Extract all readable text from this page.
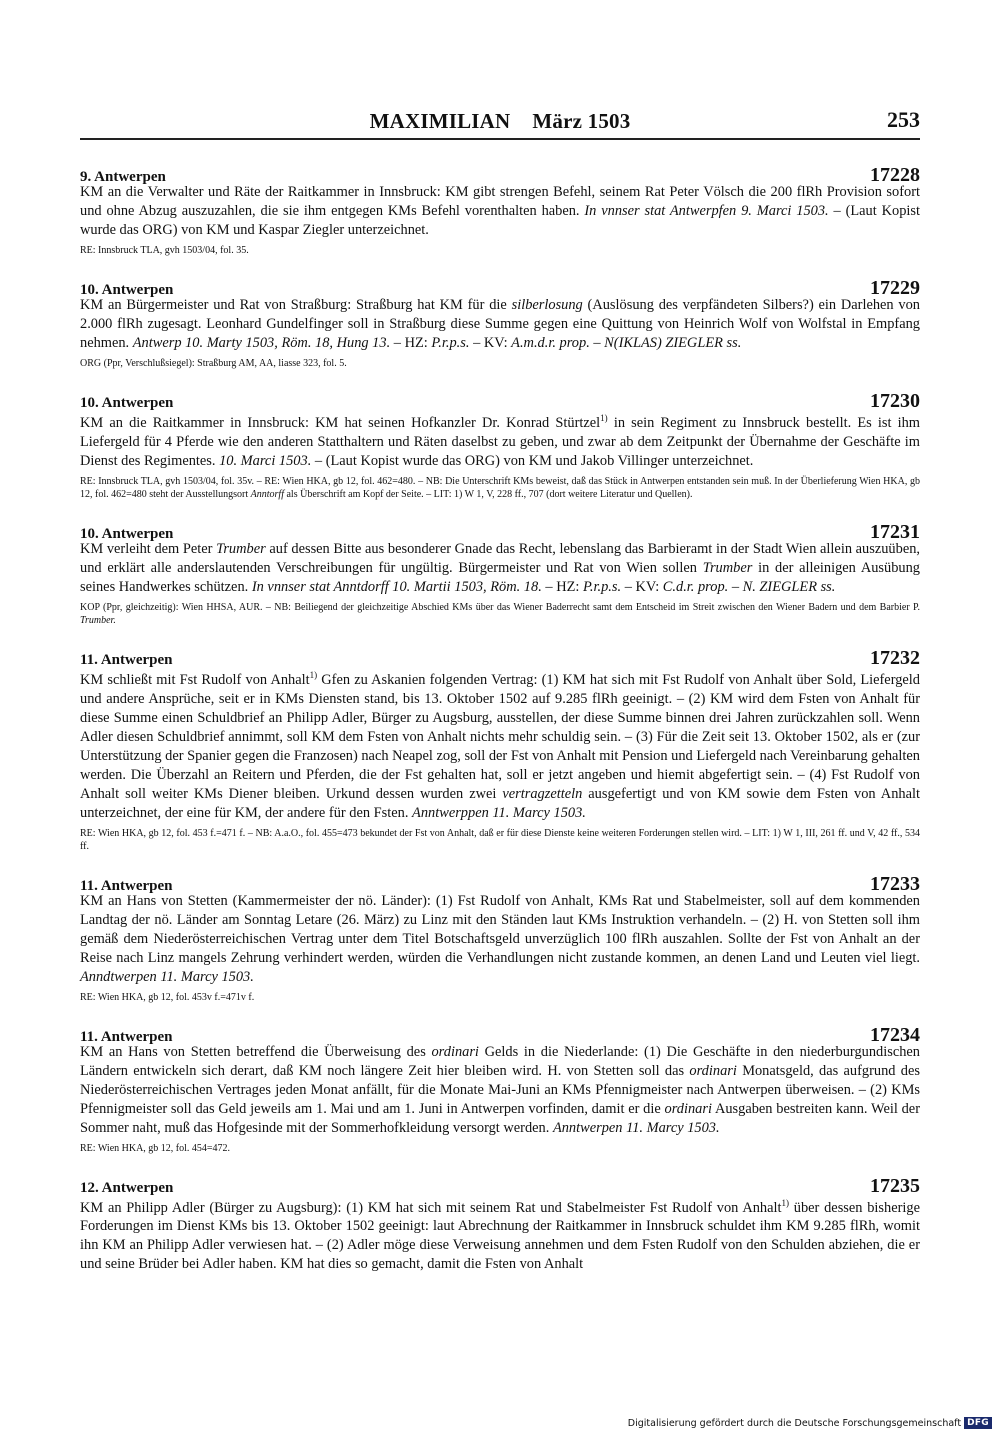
MAXIMILIAN März 1503	253
9. Antwerpen	17228

KM an die Verwalter und Räte der Raitkammer in Innsbruck: KM gibt strengen Befehl, seinem Rat Peter Völsch die 200 flRh Provision sofort und ohne Abzug auszuzahlen, die sie ihm entgegen KMs Befehl vorenthalten haben. In vnnser stat Antwerpfen 9. Marci 1503. – (Laut Kopist wurde das ORG) von KM und Kaspar Ziegler unterzeichnet.

RE: Innsbruck TLA, gvh 1503/04, fol. 35.

10. Antwerpen	17229

KM an Bürgermeister und Rat von Straßburg: Straßburg hat KM für die silberlosung (Auslösung des verpfändeten Silbers?) ein Darlehen von 2.000 flRh zugesagt. Leonhard Gundelfinger soll in Straßburg diese Summe gegen eine Quittung von Heinrich Wolf von Wolfstal in Empfang nehmen. Antwerp 10. Marty 1503, Röm. 18, Hung 13. – HZ: P.r.p.s. – KV: A.m.d.r. prop. – N(IKLAS) ZIEGLER ss.

ORG (Ppr, Verschlußsiegel): Straßburg AM, AA, liasse 323, fol. 5.

10. Antwerpen	17230

KM an die Raitkammer in Innsbruck: KM hat seinen Hofkanzler Dr. Konrad Stürtzel$^{1)}$ in sein Regiment zu Innsbruck bestellt. Es ist ihm Liefergeld für 4 Pferde wie den anderen Statthaltern und Räten daselbst zu geben, und zwar ab dem Zeitpunkt der Übernahme der Geschäfte im Dienst des Regimentes. 10. Marci 1503. – (Laut Kopist wurde das ORG) von KM und Jakob Villinger unterzeichnet.

RE: Innsbruck TLA, gvh 1503/04, fol. 35v. – RE: Wien HKA, gb 12, fol. 462=480. – NB: Die Unterschrift KMs beweist, daß das Stück in Antwerpen entstanden sein muß. In der Überlieferung Wien HKA, gb 12, fol. 462=480 steht der Ausstellungsort Anntorff als Überschrift am Kopf der Seite. – LIT: 1) W 1, V, 228 ff., 707 (dort weitere Literatur und Quellen).

10. Antwerpen	17231

KM verleiht dem Peter Trumber auf dessen Bitte aus besonderer Gnade das Recht, lebenslang das Barbieramt in der Stadt Wien allein auszuüben, und erklärt alle anderslautenden Verschreibungen für ungültig. Bürgermeister und Rat von Wien sollen Trumber in der alleinigen Ausübung seines Handwerkes schützen. In vnnser stat Anntdorff 10. Martii 1503, Röm. 18. – HZ: P.r.p.s. – KV: C.d.r. prop. – N. ZIEGLER ss.

KOP (Ppr, gleichzeitig): Wien HHSA, AUR. – NB: Beiliegend der gleichzeitige Abschied KMs über das Wiener Baderrecht samt dem Entscheid im Streit zwischen den Wiener Badern und dem Barbier P. Trumber.

11. Antwerpen	17232

KM schließt mit Fst Rudolf von Anhalt$^{1)}$ Gfen zu Askanien folgenden Vertrag: (1) KM hat sich mit Fst Rudolf von Anhalt über Sold, Liefergeld und andere Ansprüche, seit er in KMs Diensten stand, bis 13. Oktober 1502 auf 9.285 flRh geeinigt. – (2) KM wird dem Fsten von Anhalt für diese Summe einen Schuldbrief an Philipp Adler, Bürger zu Augsburg, ausstellen, der diese Summe binnen drei Jahren zurückzahlen soll. Wenn Adler diesen Schuldbrief annimmt, soll KM dem Fsten von Anhalt nichts mehr schuldig sein. – (3) Für die Zeit seit 13. Oktober 1502, als er (zur Unterstützung der Spanier gegen die Franzosen) nach Neapel zog, soll der Fst von Anhalt mit Pension und Liefergeld nach Vereinbarung gehalten werden. Die Überzahl an Reitern und Pferden, die der Fst gehalten hat, soll er jetzt angeben und hiemit abgefertigt sein. – (4) Fst Rudolf von Anhalt soll weiter KMs Diener bleiben. Urkund dessen wurden zwei vertragzetteln ausgefertigt und von KM sowie dem Fsten von Anhalt unterzeichnet, der eine für KM, der andere für den Fsten. Anntwerppen 11. Marcy 1503.

RE: Wien HKA, gb 12, fol. 453 f.=471 f. – NB: A.a.O., fol. 455=473 bekundet der Fst von Anhalt, daß er für diese Dienste keine weiteren Forderungen stellen wird. – LIT: 1) W 1, III, 261 ff. und V, 42 ff., 534 ff.

11. Antwerpen	17233

KM an Hans von Stetten (Kammermeister der nö. Länder): (1) Fst Rudolf von Anhalt, KMs Rat und Stabelmeister, soll auf dem kommenden Landtag der nö. Länder am Sonntag Letare (26. März) zu Linz mit den Ständen laut KMs Instruktion verhandeln. – (2) H. von Stetten soll ihm gemäß dem Niederösterreichischen Vertrag unter dem Titel Botschaftsgeld unverzüglich 100 flRh auszahlen. Sollte der Fst von Anhalt an der Reise nach Linz mangels Zehrung verhindert werden, würden die Verhandlungen nicht zustande kommen, an denen Land und Leuten viel liegt. Anndtwerpen 11. Marcy 1503.

RE: Wien HKA, gb 12, fol. 453v f.=471v f.

11. Antwerpen	17234

KM an Hans von Stetten betreffend die Überweisung des ordinari Gelds in die Niederlande: (1) Die Geschäfte in den niederburgundischen Ländern entwickeln sich derart, daß KM noch längere Zeit hier bleiben wird. H. von Stetten soll das ordinari Monatsgeld, das aufgrund des Niederösterreichischen Vertrages jeden Monat anfällt, für die Monate Mai-Juni an KMs Pfennigmeister nach Antwerpen überweisen. – (2) KMs Pfennigmeister soll das Geld jeweils am 1. Mai und am 1. Juni in Antwerpen vorfinden, damit er die ordinari Ausgaben bestreiten kann. Weil der Sommer naht, muß das Hofgesinde mit der Sommerhofkleidung versorgt werden. Anntwerpen 11. Marcy 1503.

RE: Wien HKA, gb 12, fol. 454=472.

12. Antwerpen	17235

KM an Philipp Adler (Bürger zu Augsburg): (1) KM hat sich mit seinem Rat und Stabelmeister Fst Rudolf von Anhalt$^{1)}$ über dessen bisherige Forderungen im Dienst KMs bis 13. Oktober 1502 geeinigt: laut Abrechnung der Raitkammer in Innsbruck schuldet ihm KM 9.285 flRh, womit ihn KM an Philipp Adler verwiesen hat. – (2) Adler möge diese Verweisung annehmen und dem Fsten Rudolf von den Schulden abziehen, die er und seine Brüder bei Adler haben. KM hat dies so gemacht, damit die Fsten von Anhalt

Digitalisierung gefördert durch die Deutsche Forschungsgemeinschaft DFG
